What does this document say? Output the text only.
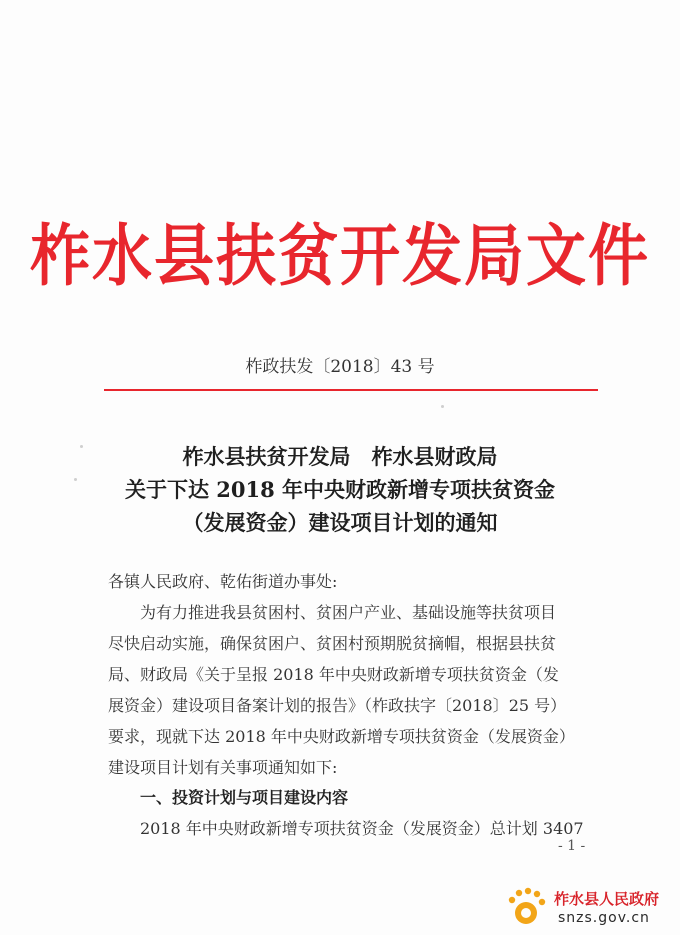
柞水县扶贫开发局文件
柞政扶发〔2018〕43 号
柞水县扶贫开发局　柞水县财政局
关于下达 2018 年中央财政新增专项扶贫资金
（发展资金）建设项目计划的通知
各镇人民政府、乾佑街道办事处:
为有力推进我县贫困村、贫困户产业、基础设施等扶贫项目
尽快启动实施，确保贫困户、贫困村预期脱贫摘帽，根据县扶贫
局、财政局《关于呈报 2018 年中央财政新增专项扶贫资金（发
展资金）建设项目备案计划的报告》（柞政扶字〔2018〕25 号）
要求，现就下达 2018 年中央财政新增专项扶贫资金（发展资金）
建设项目计划有关事项通知如下:
一、投资计划与项目建设内容
2018 年中央财政新增专项扶贫资金（发展资金）总计划 3407
- 1 -
柞水县人民政府
snzs.gov.cn
